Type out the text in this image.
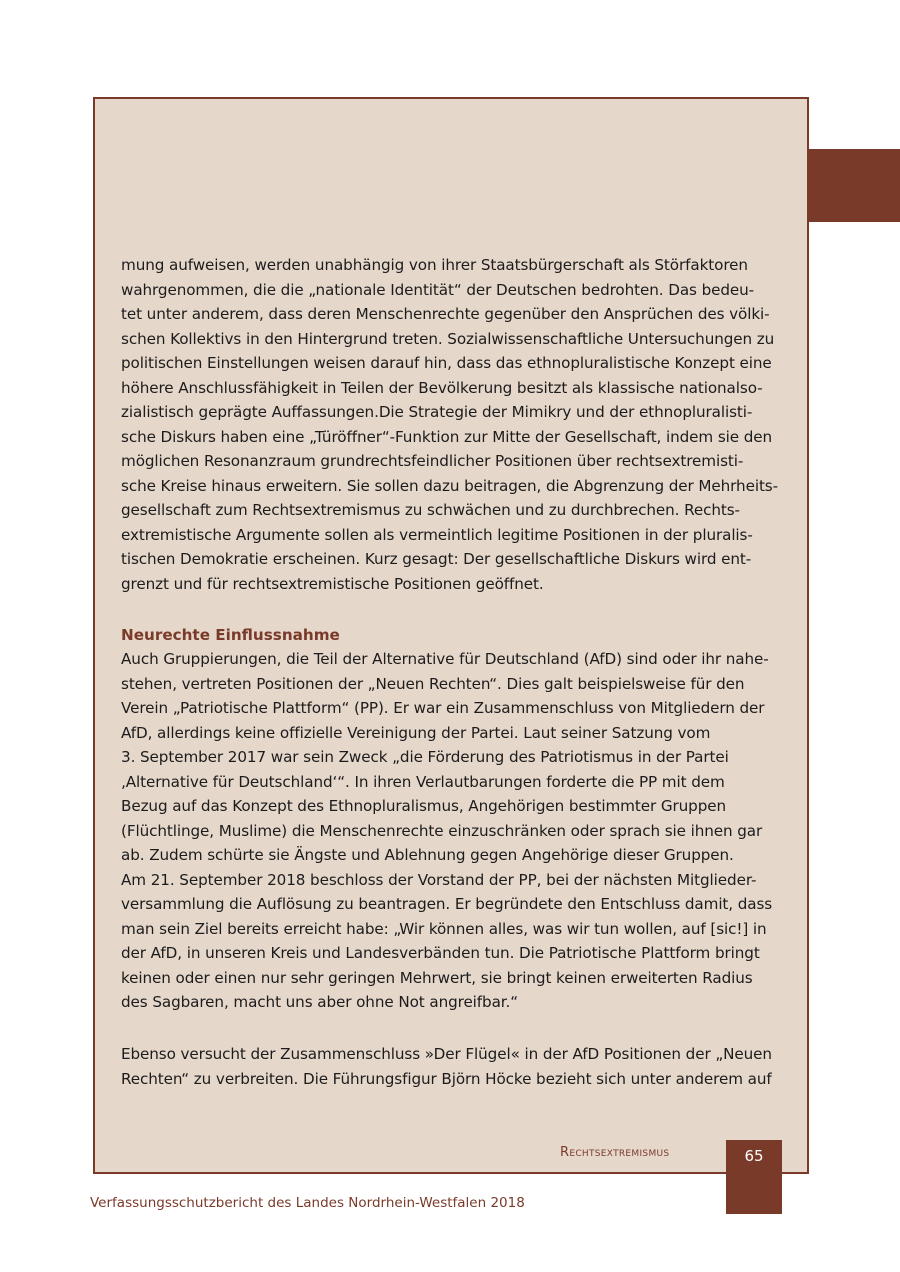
mung aufweisen, werden unabhängig von ihrer Staatsbürgerschaft als Störfaktoren
wahrgenommen, die die „nationale Identität“ der Deutschen bedrohten. Das bedeu-
tet unter anderem, dass deren Menschenrechte gegenüber den Ansprüchen des völki-
schen Kollektivs in den Hintergrund treten. Sozialwissenschaftliche Untersuchungen zu
politischen Einstellungen weisen darauf hin, dass das ethnopluralistische Konzept eine
höhere Anschlussfähigkeit in Teilen der Bevölkerung besitzt als klassische nationalso-
zialistisch geprägte Auffassungen.Die Strategie der Mimikry und der ethnopluralisti-
sche Diskurs haben eine „Türöffner“-Funktion zur Mitte der Gesellschaft, indem sie den
möglichen Resonanzraum grundrechtsfeindlicher Positionen über rechtsextremisti-
sche Kreise hinaus erweitern. Sie sollen dazu beitragen, die Abgrenzung der Mehrheits-
gesellschaft zum Rechtsextremismus zu schwächen und zu durchbrechen. Rechts-
extremistische Argumente sollen als vermeintlich legitime Positionen in der pluralis-
tischen Demokratie erscheinen. Kurz gesagt: Der gesellschaftliche Diskurs wird ent-
grenzt und für rechtsextremistische Positionen geöffnet.
Neurechte Einflussnahme
Auch Gruppierungen, die Teil der Alternative für Deutschland (AfD) sind oder ihr nahe-
stehen, vertreten Positionen der „Neuen Rechten“. Dies galt beispielsweise für den
Verein „Patriotische Plattform“ (PP). Er war ein Zusammenschluss von Mitgliedern der
AfD, allerdings keine offizielle Vereinigung der Partei. Laut seiner Satzung vom
3. September 2017 war sein Zweck „die Förderung des Patriotismus in der Partei
‚Alternative für Deutschland‘“. In ihren Verlautbarungen forderte die PP mit dem
Bezug auf das Konzept des Ethnopluralismus, Angehörigen bestimmter Gruppen
(Flüchtlinge, Muslime) die Menschenrechte einzuschränken oder sprach sie ihnen gar
ab. Zudem schürte sie Ängste und Ablehnung gegen Angehörige dieser Gruppen.
Am 21. September 2018 beschloss der Vorstand der PP, bei der nächsten Mitglieder-
versammlung die Auflösung zu beantragen. Er begründete den Entschluss damit, dass
man sein Ziel bereits erreicht habe: „Wir können alles, was wir tun wollen, auf [sic!] in
der AfD, in unseren Kreis und Landesverbänden tun. Die Patriotische Plattform bringt
keinen oder einen nur sehr geringen Mehrwert, sie bringt keinen erweiterten Radius
des Sagbaren, macht uns aber ohne Not angreifbar.“
Ebenso versucht der Zusammenschluss »Der Flügel« in der AfD Positionen der „Neuen
Rechten“ zu verbreiten. Die Führungsfigur Björn Höcke bezieht sich unter anderem auf
Rechtsextremismus	65
Verfassungsschutzbericht des Landes Nordrhein-Westfalen 2018
